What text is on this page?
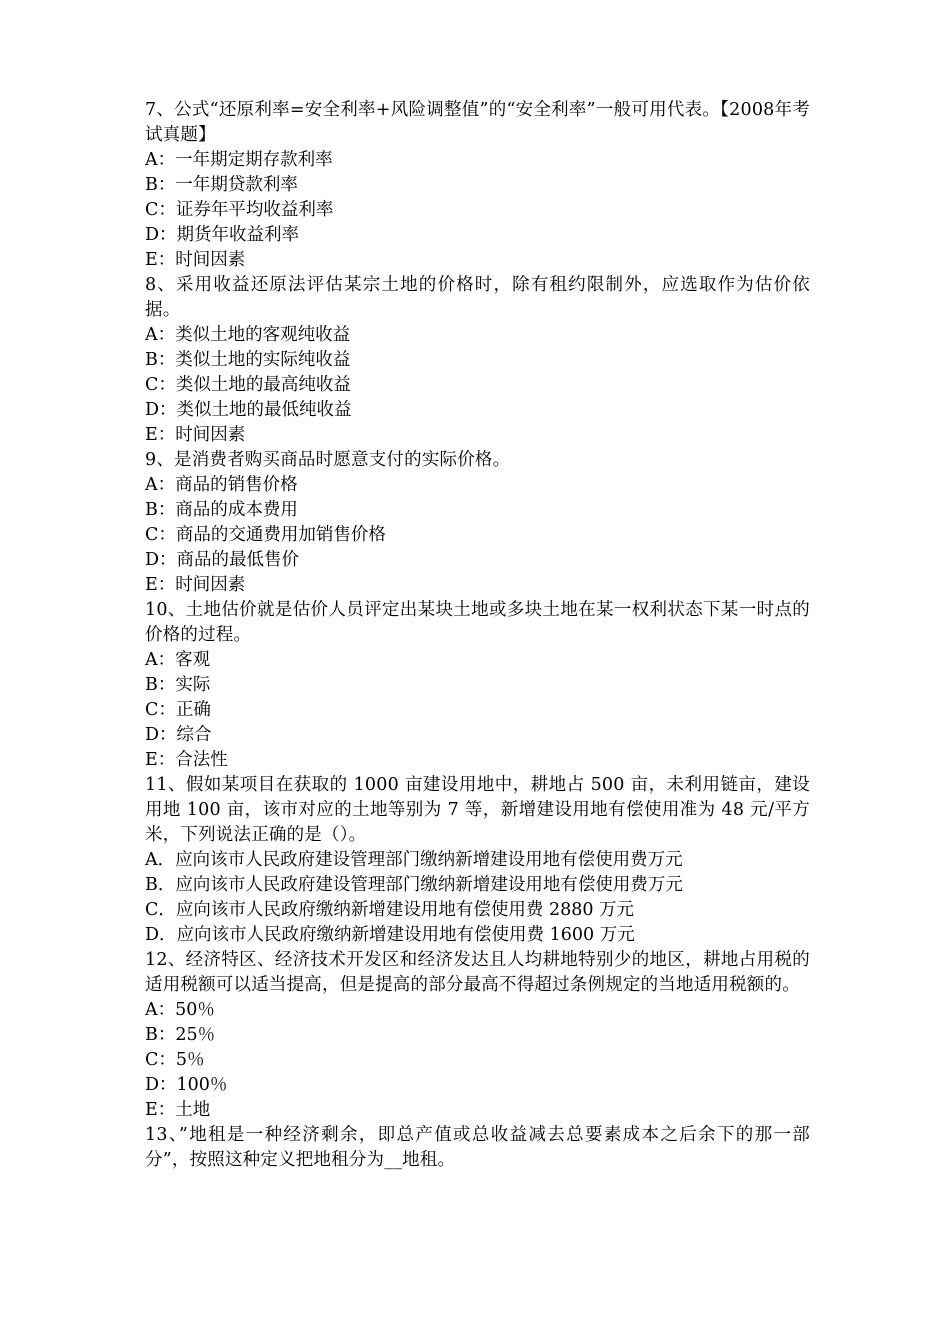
7、公式“还原利率=安全利率+风险调整值”的“安全利率”一般可用代表。【2008年考试真题】

A：一年期定期存款利率

B：一年期贷款利率

C：证券年平均收益利率

D：期货年收益利率

E：时间因素

8、采用收益还原法评估某宗土地的价格时，除有租约限制外，应选取作为估价依据。

A：类似土地的客观纯收益

B：类似土地的实际纯收益

C：类似土地的最高纯收益

D：类似土地的最低纯收益

E：时间因素

9、是消费者购买商品时愿意支付的实际价格。

A：商品的销售价格

B：商品的成本费用

C：商品的交通费用加销售价格

D：商品的最低售价

E：时间因素

10、土地估价就是估价人员评定出某块土地或多块土地在某一权利状态下某一时点的价格的过程。

A：客观

B：实际

C：正确

D：综合

E：合法性

11、假如某项目在获取的 1000 亩建设用地中，耕地占 500 亩，未利用链亩，建设用地 100 亩，该市对应的土地等别为 7 等，新增建设用地有偿使用准为 48 元/平方米，下列说法正确的是（）。

A．应向该市人民政府建设管理部门缴纳新增建设用地有偿使用费万元

B．应向该市人民政府建设管理部门缴纳新增建设用地有偿使用费万元

C．应向该市人民政府缴纳新增建设用地有偿使用费 2880 万元

D．应向该市人民政府缴纳新增建设用地有偿使用费 1600 万元

12、经济特区、经济技术开发区和经济发达且人均耕地特别少的地区，耕地占用税的适用税额可以适当提高，但是提高的部分最高不得超过条例规定的当地适用税额的。

A：50％

B：25％

C：5％

D：100％

E：土地

13、”地租是一种经济剩余，即总产值或总收益减去总要素成本之后余下的那一部分”，按照这种定义把地租分为__地租。
